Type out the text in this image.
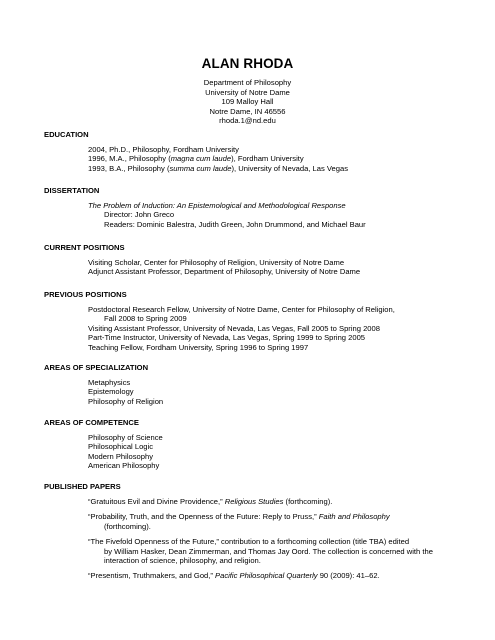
ALAN RHODA
Department of Philosophy
University of Notre Dame
109 Malloy Hall
Notre Dame, IN 46556
rhoda.1@nd.edu
EDUCATION
2004, Ph.D., Philosophy, Fordham University
1996, M.A., Philosophy (magna cum laude), Fordham University
1993, B.A., Philosophy (summa cum laude), University of Nevada, Las Vegas
DISSERTATION
The Problem of Induction: An Epistemological and Methodological Response
Director: John Greco
Readers: Dominic Balestra, Judith Green, John Drummond, and Michael Baur
CURRENT POSITIONS
Visiting Scholar, Center for Philosophy of Religion, University of Notre Dame
Adjunct Assistant Professor, Department of Philosophy, University of Notre Dame
PREVIOUS POSITIONS
Postdoctoral Research Fellow, University of Notre Dame, Center for Philosophy of Religion,
Fall 2008 to Spring 2009
Visiting Assistant Professor, University of Nevada, Las Vegas, Fall 2005 to Spring 2008
Part-Time Instructor, University of Nevada, Las Vegas, Spring 1999 to Spring 2005
Teaching Fellow, Fordham University, Spring 1996 to Spring 1997
AREAS OF SPECIALIZATION
Metaphysics
Epistemology
Philosophy of Religion
AREAS OF COMPETENCE
Philosophy of Science
Philosophical Logic
Modern Philosophy
American Philosophy
PUBLISHED PAPERS
“Gratuitous Evil and Divine Providence,” Religious Studies (forthcoming).
“Probability, Truth, and the Openness of the Future: Reply to Pruss,” Faith and Philosophy
(forthcoming).
“The Fivefold Openness of the Future,” contribution to a forthcoming collection (title TBA) edited
by William Hasker, Dean Zimmerman, and Thomas Jay Oord. The collection is concerned with the interaction of science, philosophy, and religion.
“Presentism, Truthmakers, and God,” Pacific Philosophical Quarterly 90 (2009): 41–62.
